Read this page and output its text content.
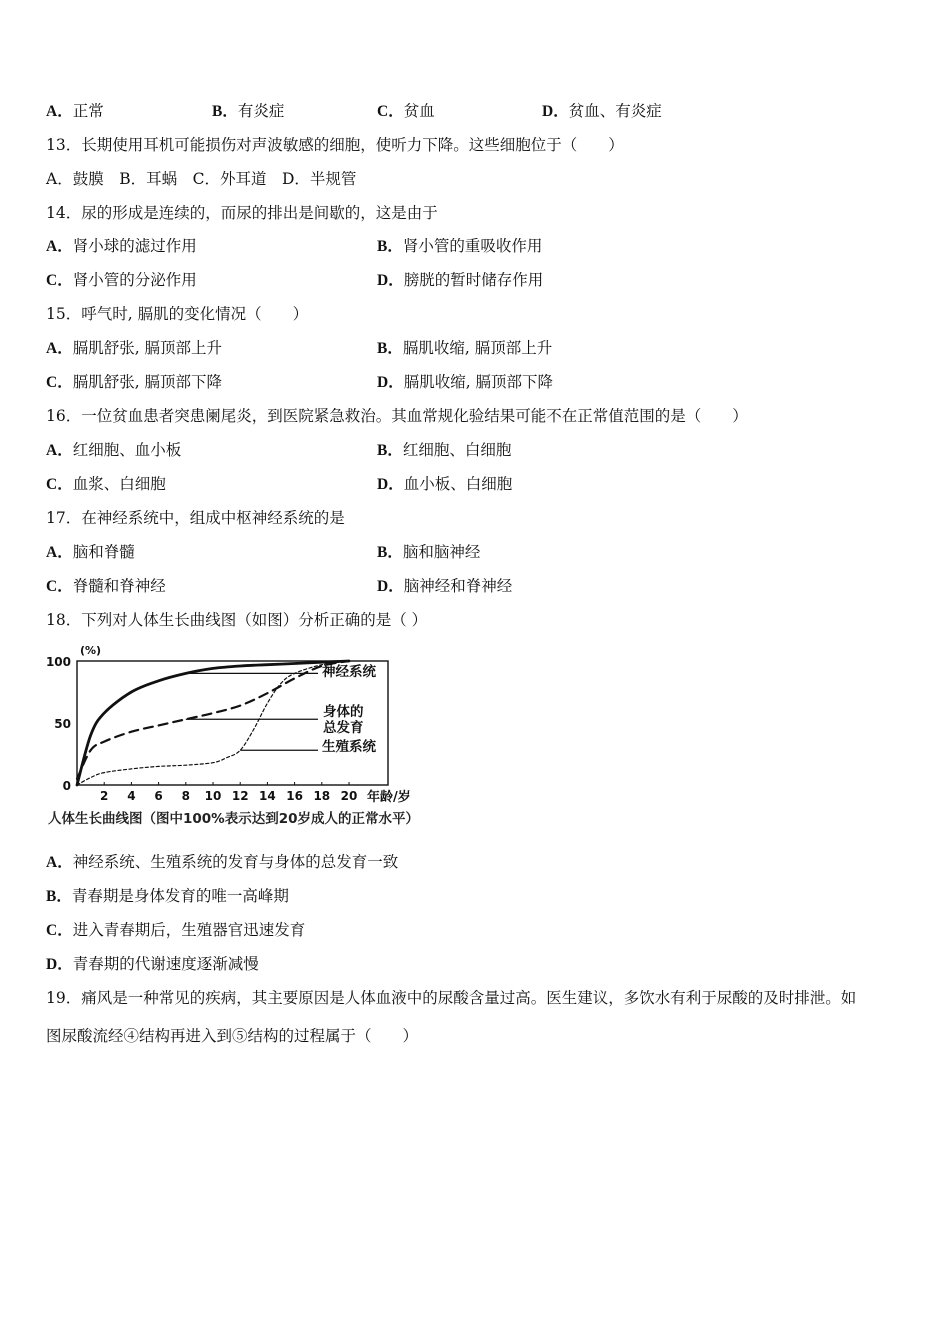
A．正常	B．有炎症	C．贫血	D．贫血、有炎症
13．长期使用耳机可能损伤对声波敏感的细胞，使听力下降。这些细胞位于（　　）
A．鼓膜　B．耳蜗　C．外耳道　D．半规管
14．尿的形成是连续的，而尿的排出是间歇的，这是由于
A．肾小球的滤过作用	B．肾小管的重吸收作用
C．肾小管的分泌作用	D．膀胱的暂时储存作用
15．呼气时, 膈肌的变化情况（　　）
A．膈肌舒张, 膈顶部上升	B．膈肌收缩, 膈顶部上升
C．膈肌舒张, 膈顶部下降	D．膈肌收缩, 膈顶部下降
16．一位贫血患者突患阑尾炎，到医院紧急救治。其血常规化验结果可能不在正常值范围的是（　　）
A．红细胞、血小板	B．红细胞、白细胞
C．血浆、白细胞	D．血小板、白细胞
17．在神经系统中，组成中枢神经系统的是
A．脑和脊髓	B．脑和脑神经
C．脊髓和脊神经	D．脑神经和脊神经
18．下列对人体生长曲线图（如图）分析正确的是（ ）
2 4 6 8 10 12 14 16 18 20
0
50
100
(%)
年龄/岁
神经系统
身体的
总发育
生殖系统
人体生长曲线图（图中100%表示达到20岁成人的正常水平）
A．神经系统、生殖系统的发育与身体的总发育一致
B．青春期是身体发育的唯一高峰期
C．进入青春期后，生殖器官迅速发育
D．青春期的代谢速度逐渐减慢
19．痛风是一种常见的疾病，其主要原因是人体血液中的尿酸含量过高。医生建议，多饮水有利于尿酸的及时排泄。如
图尿酸流经④结构再进入到⑤结构的过程属于（　　）
